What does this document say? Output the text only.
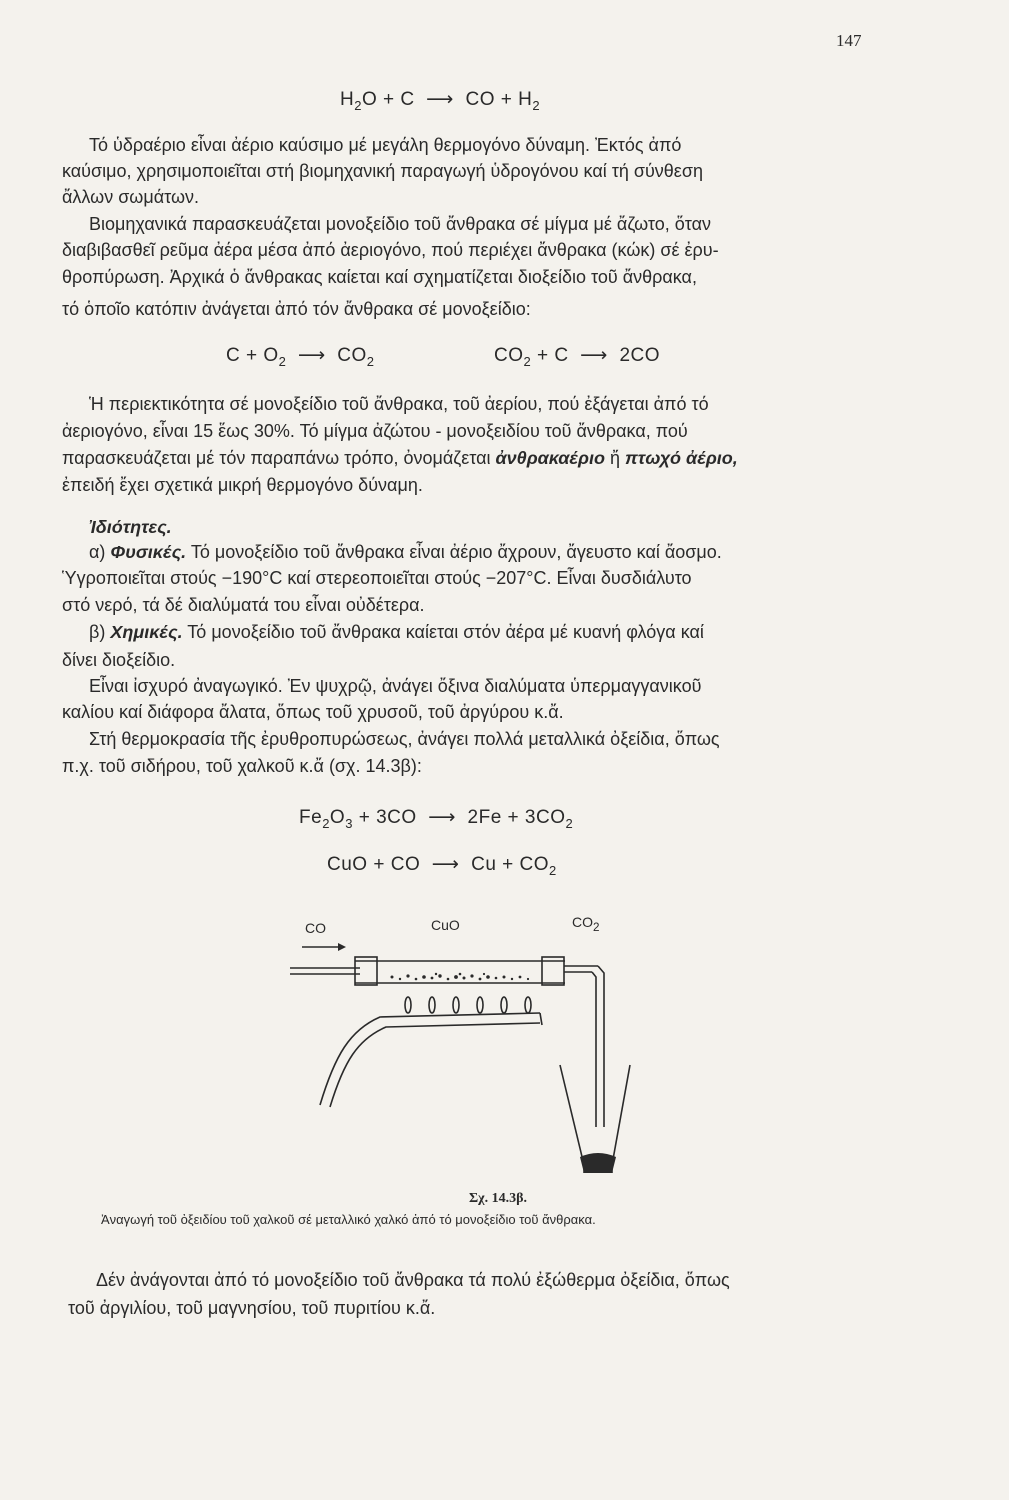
147
$H_2O + C$  ⟶  CO + $H_2$
Τό ὑδραέριο εἶναι ἀέριο καύσιμο μέ μεγάλη θερμογόνο δύναμη. Ἐκτός ἀπό
καύσιμο, χρησιμοποιεῖται στή βιομηχανική παραγωγή ὑδρογόνου καί τή σύνθεση
ἄλλων σωμάτων.
Βιομηχανικά παρασκευάζεται μονοξείδιο τοῦ ἄνθρακα σέ μίγμα μέ ἄζωτο, ὅταν
διαβιβασθεῖ ρεῦμα ἀέρα μέσα ἀπό ἀεριογόνο, πού περιέχει ἄνθρακα (κώκ) σέ ἐρυ-
θροπύρωση. Ἀρχικά ὁ ἄνθρακας καίεται καί σχηματίζεται διοξείδιο τοῦ ἄνθρακα,
τό ὁποῖο κατόπιν ἀνάγεται ἀπό τόν ἄνθρακα σέ μονοξείδιο:
$C + O_2$  ⟶  $CO_2$	$CO_2 + C$  ⟶  2CO
Ἡ περιεκτικότητα σέ μονοξείδιο τοῦ ἄνθρακα, τοῦ ἀερίου, πού ἐξάγεται ἀπό τό
ἀεριογόνο, εἶναι 15 ἕως 30%. Τό μίγμα ἀζώτου - μονοξειδίου τοῦ ἄνθρακα, πού
παρασκευάζεται μέ τόν παραπάνω τρόπο, ὀνομάζεται ἀνθρακαέριο ἤ πτωχό ἀέριο,
ἐπειδή ἔχει σχετικά μικρή θερμογόνο δύναμη.
Ἰδιότητες.
α) Φυσικές. Τό μονοξείδιο τοῦ ἄνθρακα εἶναι ἀέριο ἄχρουν, ἄγευστο καί ἄοσμο.
Ὑγροποιεῖται στούς −190°C καί στερεοποιεῖται στούς −207°C. Εἶναι δυσδιάλυτο
στό νερό, τά δέ διαλύματά του εἶναι οὐδέτερα.
β) Χημικές. Τό μονοξείδιο τοῦ ἄνθρακα καίεται στόν ἀέρα μέ κυανή φλόγα καί
δίνει διοξείδιο.
Εἶναι ἰσχυρό ἀναγωγικό. Ἐν ψυχρῷ, ἀνάγει ὄξινα διαλύματα ὑπερμαγγανικοῦ
καλίου καί διάφορα ἄλατα, ὅπως τοῦ χρυσοῦ, τοῦ ἀργύρου κ.ἄ.
Στή θερμοκρασία τῆς ἐρυθροπυρώσεως, ἀνάγει πολλά μεταλλικά ὀξείδια, ὅπως
π.χ. τοῦ σιδήρου, τοῦ χαλκοῦ κ.ἄ (σχ. 14.3β):
$Fe_2O_3 + 3CO$  ⟶  $2Fe + 3CO_2$
CuO + CO  ⟶  $Cu + CO_2$
CO	CuO	$CO_2$
Σχ. 14.3β.
Ἀναγωγή τοῦ ὀξειδίου τοῦ χαλκοῦ σέ μεταλλικό χαλκό ἀπό τό μονοξείδιο τοῦ ἄνθρακα.
Δέν ἀνάγονται ἀπό τό μονοξείδιο τοῦ ἄνθρακα τά πολύ ἐξώθερμα ὀξείδια, ὅπως
τοῦ ἀργιλίου, τοῦ μαγνησίου, τοῦ πυριτίου κ.ἄ.
